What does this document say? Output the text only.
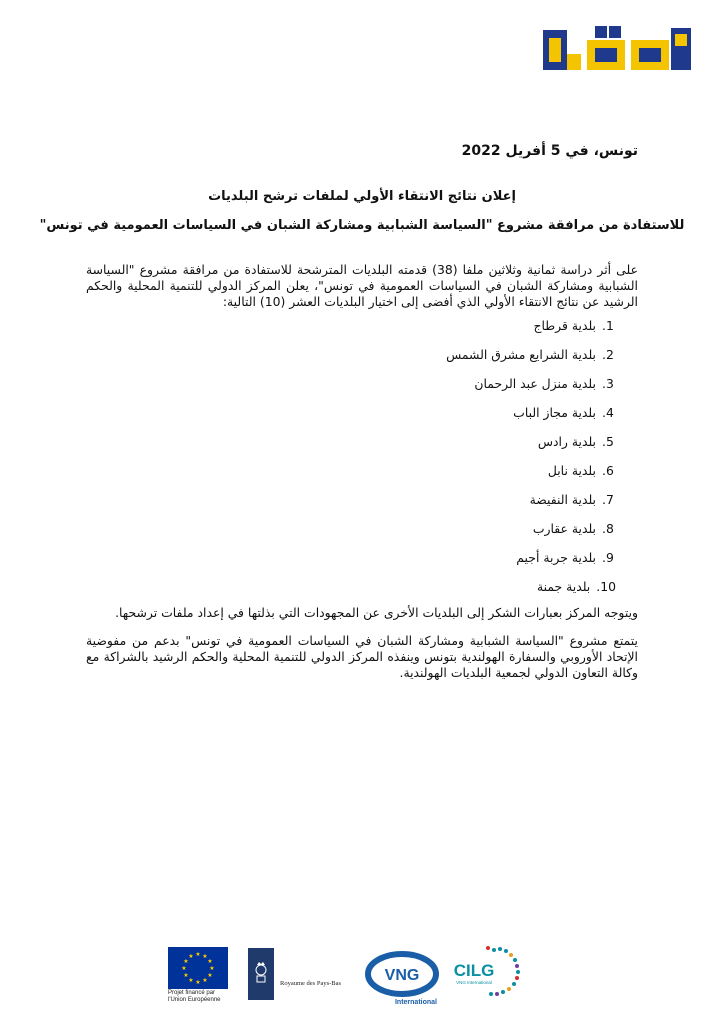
تونس، في 5 أفريل 2022
إعلان نتائج الانتقاء الأولي لملفات ترشح البلديات
للاستفادة من مرافقة مشروع "السياسة الشبابية ومشاركة الشبان في السياسات العمومية في تونس"
على أثر دراسة ثمانية وثلاثين ملفا (38) قدمته البلديات المترشحة للاستفادة من مرافقة مشروع "السياسة الشبابية ومشاركة الشبان في السياسات العمومية في تونس"، يعلن المركز الدولي للتنمية المحلية والحكم الرشيد عن نتائج الانتقاء الأولي الذي أفضى إلى اختيار البلديات العشر (10) التالية:
1.بلدية قرطاج
2.بلدية الشرايع مشرق الشمس
3.بلدية منزل عبد الرحمان
4.بلدية مجاز الباب
5.بلدية رادس
6.بلدية نابل
7.بلدية النفيضة
8.بلدية عقارب
9.بلدية جربة أجيم
10.بلدية جمنة
ويتوجه المركز بعبارات الشكر إلى البلديات الأخرى عن المجهودات التي بذلتها في إعداد ملفات ترشحها.
يتمتع مشروع "السياسة الشبابية ومشاركة الشبان في السياسات العمومية في تونس" بدعم من مفوضية الإتحاد الأوروبي والسفارة الهولندية بتونس وينفذه المركز الدولي للتنمية المحلية والحكم الرشيد بالشراكة مع وكالة التعاون الدولي لجمعية البلديات الهولندية.
★ ★
★
★
★
★
★
★
★
★
★
★
Projet financé par
l'Union Européenne
Royaume des Pays-Bas	VNG
International
CILG
VNG International
